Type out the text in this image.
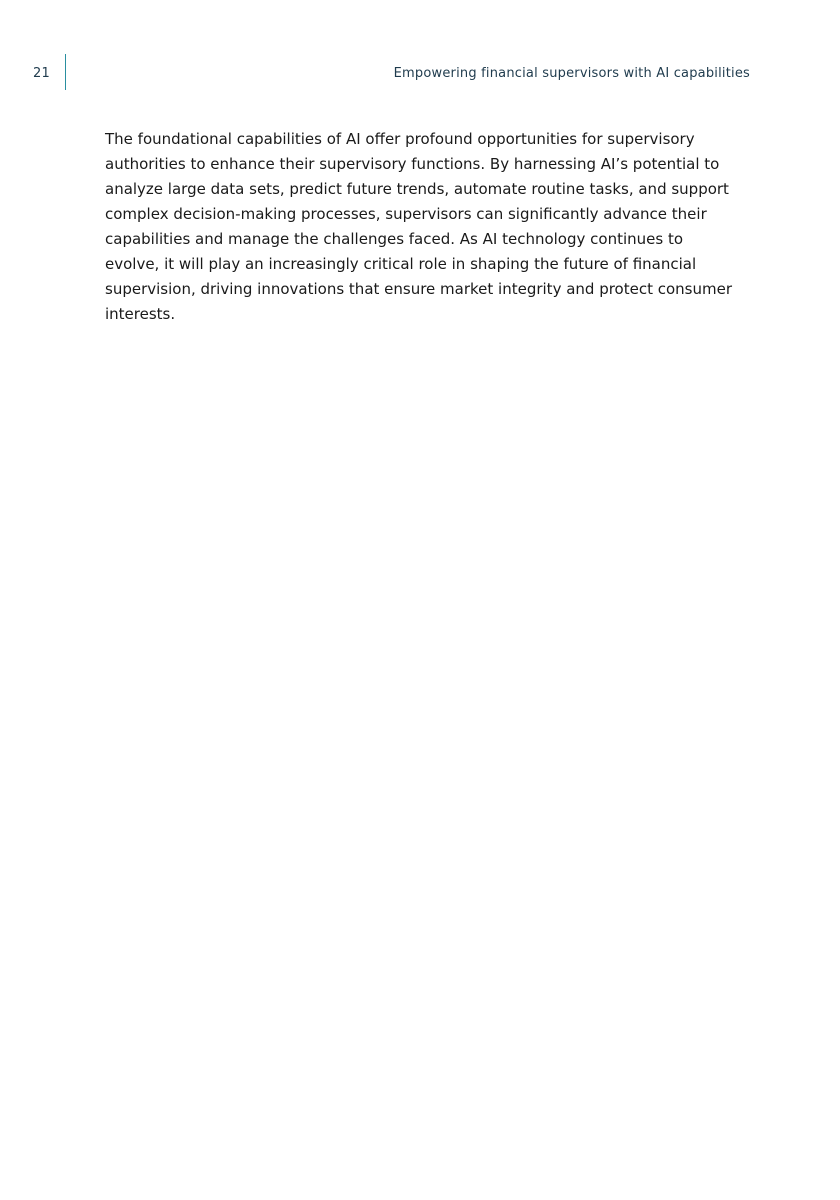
21	Empowering financial supervisors with AI capabilities

The foundational capabilities of AI offer profound opportunities for supervisory authorities to enhance their supervisory functions. By harnessing AI’s potential to analyze large data sets, predict future trends, automate routine tasks, and support complex decision-making processes, supervisors can significantly advance their capabilities and manage the challenges faced. As AI technology continues to evolve, it will play an increasingly critical role in shaping the future of financial supervision, driving innovations that ensure market integrity and protect consumer interests.
